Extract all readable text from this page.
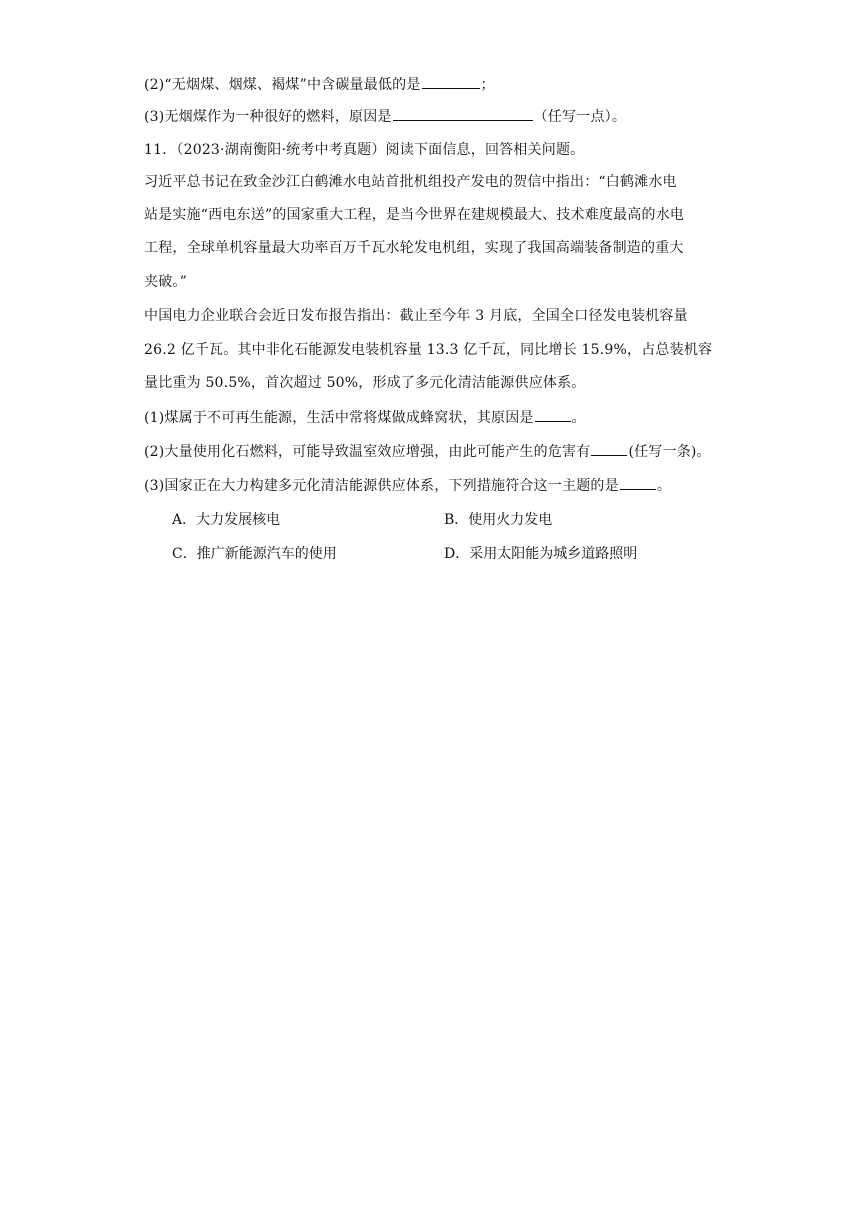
(2)“无烟煤、烟煤、褐煤”中含碳量最低的是	；
(3)无烟煤作为一种很好的燃料，原因是	（任写一点）。
11．（2023·湖南衡阳·统考中考真题）阅读下面信息，回答相关问题。
习近平总书记在致金沙江白鹤滩水电站首批机组投产发电的贺信中指出：“白鹤滩水电
站是实施“西电东送”的国家重大工程，是当今世界在建规模最大、技术难度最高的水电
工程，全球单机容量最大功率百万千瓦水轮发电机组，实现了我国高端装备制造的重大
夹破。”
中国电力企业联合会近日发布报告指出：截止至今年 3 月底，全国全口径发电装机容量
26.2 亿千瓦。其中非化石能源发电装机容量 13.3 亿千瓦，同比增长 15.9%，占总装机容
量比重为 50.5%，首次超过 50%，形成了多元化清洁能源供应体系。
(1)煤属于不可再生能源，生活中常将煤做成蜂窝状，其原因是	。
(2)大量使用化石燃料，可能导致温室效应增强，由此可能产生的危害有	(任写一条)。
(3)国家正在大力构建多元化清洁能源供应体系，下列措施符合这一主题的是	。
A．大力发展核电	B．使用火力发电
C．推广新能源汽车的使用	D．采用太阳能为城乡道路照明
